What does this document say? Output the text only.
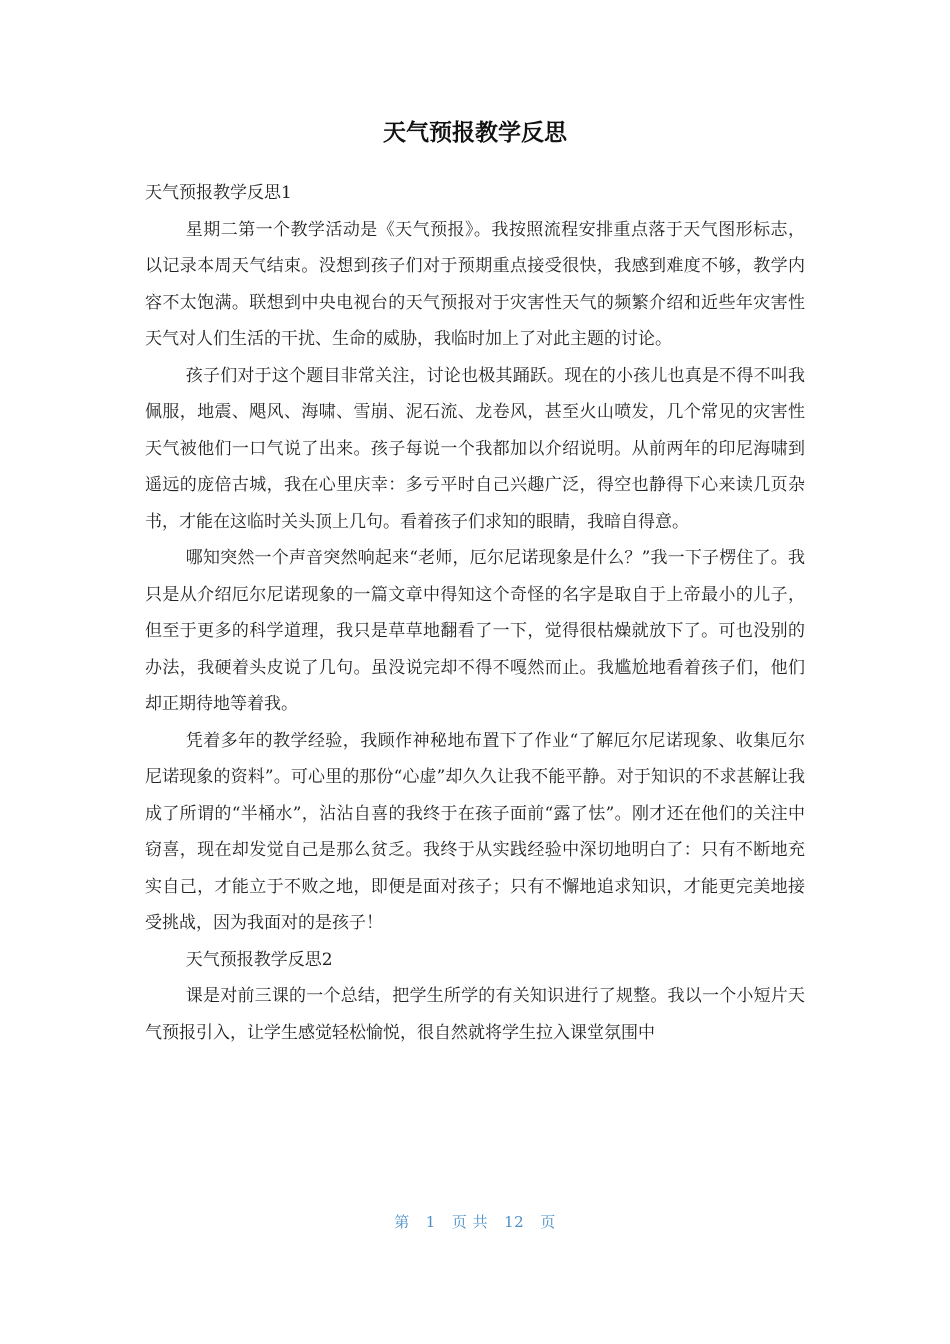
天气预报教学反思

天气预报教学反思1

星期二第一个教学活动是《天气预报》。我按照流程安排重点落于天气图形标志，以记录本周天气结束。没想到孩子们对于预期重点接受很快，我感到难度不够，教学内容不太饱满。联想到中央电视台的天气预报对于灾害性天气的频繁介绍和近些年灾害性天气对人们生活的干扰、生命的威胁，我临时加上了对此主题的讨论。

孩子们对于这个题目非常关注，讨论也极其踊跃。现在的小孩儿也真是不得不叫我佩服，地震、飓风、海啸、雪崩、泥石流、龙卷风，甚至火山喷发，几个常见的灾害性天气被他们一口气说了出来。孩子每说一个我都加以介绍说明。从前两年的印尼海啸到遥远的庞倍古城，我在心里庆幸：多亏平时自己兴趣广泛，得空也静得下心来读几页杂书，才能在这临时关头顶上几句。看着孩子们求知的眼睛，我暗自得意。

哪知突然一个声音突然响起来“老师，厄尔尼诺现象是什么？”我一下子楞住了。我只是从介绍厄尔尼诺现象的一篇文章中得知这个奇怪的名字是取自于上帝最小的儿子，但至于更多的科学道理，我只是草草地翻看了一下，觉得很枯燥就放下了。可也没别的办法，我硬着头皮说了几句。虽没说完却不得不嘎然而止。我尴尬地看着孩子们，他们却正期待地等着我。

凭着多年的教学经验，我顾作神秘地布置下了作业“了解厄尔尼诺现象、收集厄尔尼诺现象的资料”。可心里的那份“心虚”却久久让我不能平静。对于知识的不求甚解让我成了所谓的“半桶水”，沾沾自喜的我终于在孩子面前“露了怯”。刚才还在他们的关注中窃喜，现在却发觉自己是那么贫乏。我终于从实践经验中深切地明白了：只有不断地充实自己，才能立于不败之地，即便是面对孩子；只有不懈地追求知识，才能更完美地接受挑战，因为我面对的是孩子！

天气预报教学反思2

课是对前三课的一个总结，把学生所学的有关知识进行了规整。我以一个小短片天气预报引入，让学生感觉轻松愉悦，很自然就将学生拉入课堂氛围中

第 1 页 共 12 页
